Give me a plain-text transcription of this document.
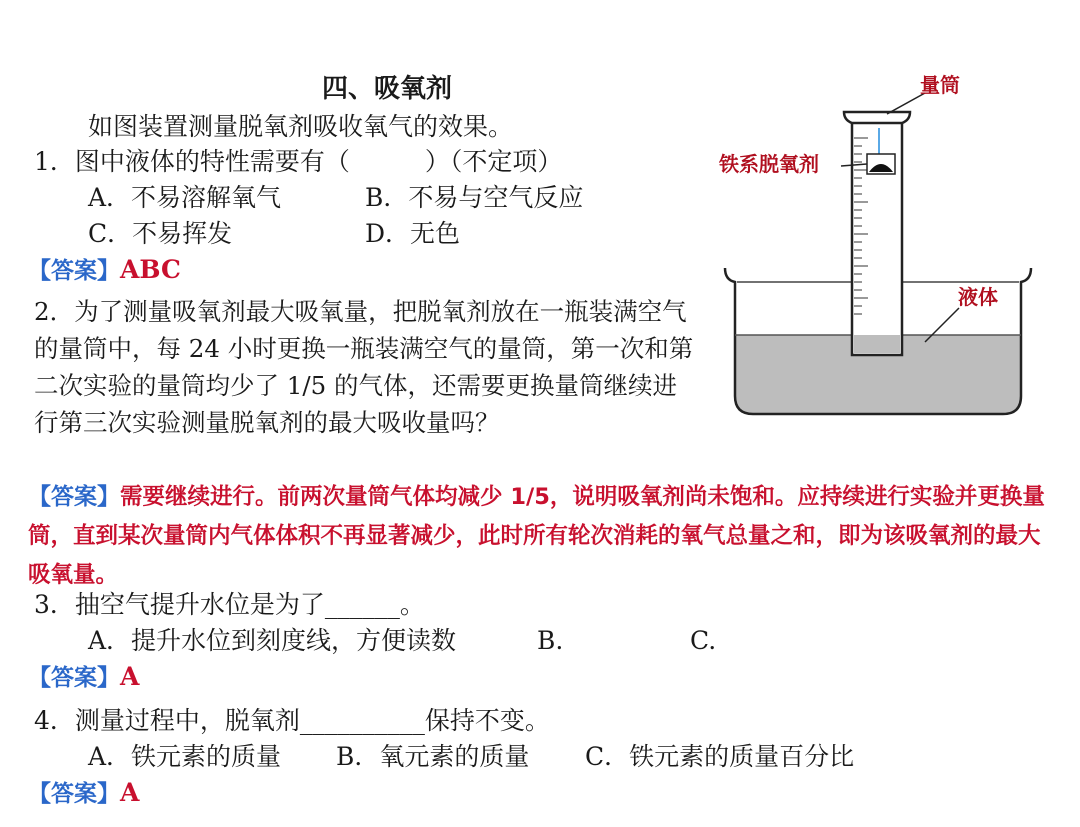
四、吸氧剂
如图装置测量脱氧剂吸收氧气的效果。
1．图中液体的特性需要有（　　　）（不定项）
A．不易溶解氧气	B．不易与空气反应
C．不易挥发	D．无色
【答案】ABC

2．为了测量吸氧剂最大吸氧量，把脱氧剂放在一瓶装满空气的量筒中，每 24 小时更换一瓶装满空气的量筒，第一次和第二次实验的量筒均少了 1/5 的气体，还需要更换量筒继续进行第三次实验测量脱氧剂的最大吸收量吗？

【答案】需要继续进行。前两次量筒气体均减少 1/5，说明吸氧剂尚未饱和。应持续进行实验并更换量筒，直到某次量筒内气体体积不再显著减少，此时所有轮次消耗的氧气总量之和，即为该吸氧剂的最大吸氧量。
3．抽空气提升水位是为了______。
A．提升水位到刻度线，方便读数	B.	C.
【答案】A
4．测量过程中，脱氧剂__________保持不变。
A．铁元素的质量 B．氧元素的质量 C．铁元素的质量百分比
【答案】A
量筒
铁系脱氧剂
液体
